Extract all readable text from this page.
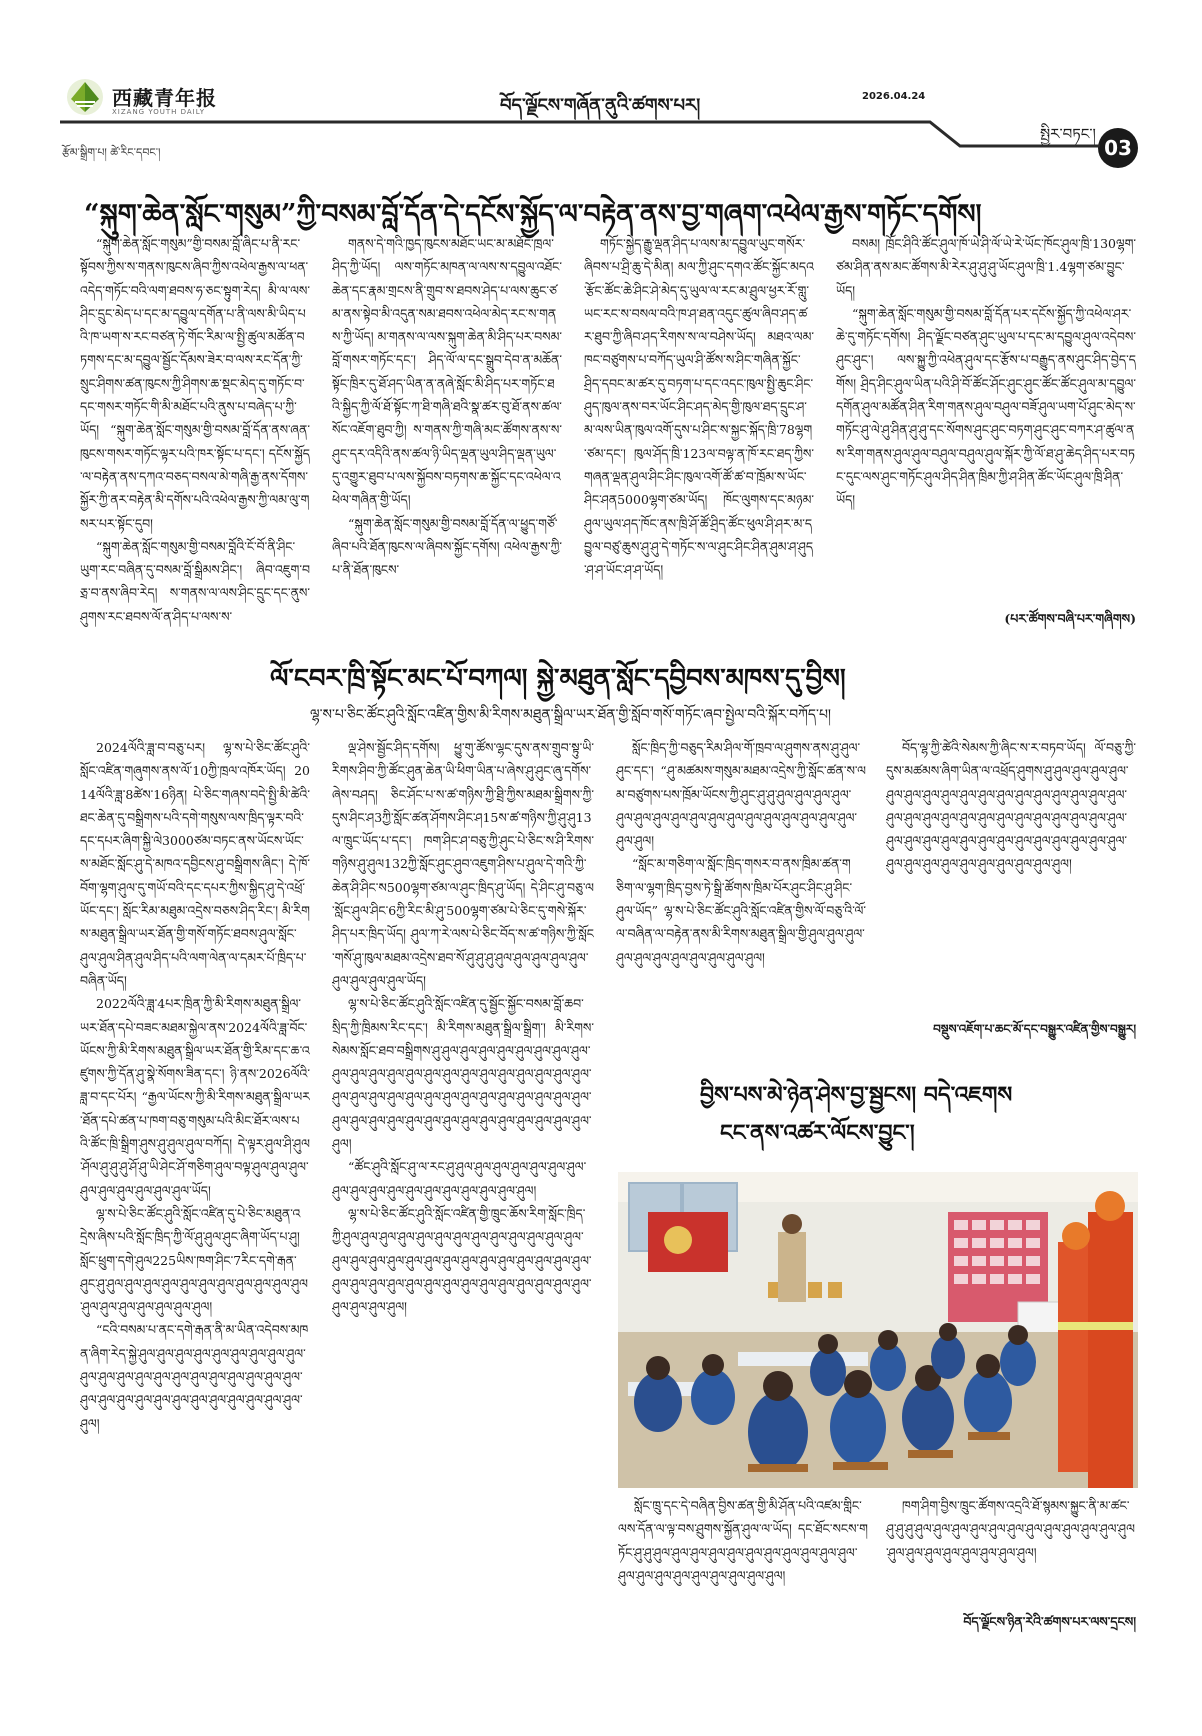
西藏青年报
XIZANG YOUTH DAILY	བོད་ལྗོངས་གཞོན་ནུའི་ཚགས་པར།	2026.04.24
སྤྱིར་བཏང་།
03
རྩོམ་སྒྲིག་པ། ཚེ་རིང་དབང་།
“སྐུག་ཆེན་སློང་གསུམ”ཀྱི་བསམ་བློ་དོན་དེ་དངོས་སྐྱོད་ལ་བརྟེན་ནས་བྱ་གཞག་འཕེལ་རྒྱས་གཏོང་དགོས།

“སྐུག་ཆེན་སློང་གསུམ”གྱི་བསམ་བློ་ཞིང་པ་ནི་རང་སྟོབས་ཀྱིས་ས་གནས་ཁུངས་ཞིབ་ཀྱིས་འཕེལ་རྒྱས་ལ་ཕན་འདེད་གཏོང་བའི་ལག་ཐབས་ཧ་ཅང་སྟུག་རེད། མི་ལ་ལས་ཤིང་དྲུང་མེད་པ་དང་མ་དབྱུལ་དགོན་པ་ནི་ལས་མི་ཡིད་པའི་ཁ་ཡག་ས་རང་བཙན་ཏེ་གོང་རིམ་ལ་སྤྱི་ཚུལ་མཚོན་བཏགས་དང་མ་དབྱུལ་སྦྱོང་དོམས་ཟེར་བ་ལས་རང་དོན་ཀྱི་སྲུང་ཤིགས་ཚན་ཁུངས་ཀྱི་ཤིགས་ཆ་སྡང་མེད་དུ་གཏོང་བ་དང་གསར་གཏོང་གི་མི་མཐོང་པའི་ནུས་པ་བཞེད་པ་ཀྱི་ཡོད། “སྐུག་ཆེན་སློང་གསུམ་གྱི་བསམ་བློ་དོན་ནས་ཞན་ཁུངས་གསར་གཏོང་ལྟར་པའི་ཁར་སྟོང་པ་དང་། དངོས་སྐྱོད་ལ་བརྟེན་ནས་དཀའ་བཅད་བསལ་མེ་གཞི་རྒྱ་ནས་དོགས་སྐྱོར་ཀྱི་ནར་བརྟེན་མི་དགོས་པའི་འཕེལ་རྒྱས་ཀྱི་ལམ་ལུ་གསར་པར་སྟོང་དུབ།

“སྐུག་ཆེན་སློང་གསུམ་གྱི་བསམ་བློའི་ངོ་བོ་ནི་ཤིང་ཡུག་རང་བཞིན་དུ་བསམ་བློ་སྒྲིམས་ཤིང་། ཞིབ་འཇུག་བཅྲ་བ་ནས་ཞིབ་རེད། ས་གནས་ལ་ལས་ཤིང་དྲུང་དང་ནུས་ཤུགས་རང་ཐབས་ལོ་ན་ཤིད་པ་ལས་ས་

གནས་དེ་གའི་ཁྱད་ཁུངས་མཐོང་ཡང་མ་མཐོང་ཁྲལ་ཤིད་ཀྱི་ཡོད། ལས་གཏོང་མཁན་ལ་ལས་ས་དབྱུལ་འཐོང་ཆེན་དང་རྣམ་གྲངས་ནི་གྲུབ་ས་ཐབས་ཤེད་པ་ལས་ཆུང་ཙམ་ནས་སྟེབ་མི་འདུན་སམ་ཐབས་འཕེལ་མེད་རང་ས་གནས་ཀྱི་ཡོད། མ་གནས་ལ་ལས་སྐུག་ཆེན་མི་ཤིད་པར་བསམ་བློ་གསར་གཏོང་དང་། ཤིད་ལོ་ལ་དང་སྒྲུབ་དེབ་ན་མཆོན་སྟོང་ཁྲིར་དུ་ཐོ་ཤད་ཡིན་ན་ནཞེ་སློང་མི་ཤིད་པར་གཏོང་ཐའི་སྐྱིད་ཀྱི་ལོ་ཐོ་སྟོང་ཀ་ཐི་གཞི་ཐའི་སྣ་ཚར་བུ་ཐོ་ནས་ཚལ་སོང་འཇོག་ཐུབ་ཀྱི། ས་གནས་ཀྱི་གཞི་མང་ཚོགས་ནས་ས་ཤུང་དར་འདིའི་ནས་ཚལ་ཉི་ཡིད་ལྡན་ཡུལ་ཤིད་ལྡན་ཡུལ་དུ་འགྱུར་ཐུབ་པ་ལས་སྐྱོབས་བཏགས་ཆ་སྐྱོང་དང་འཕེལ་འཕེལ་གཞིན་གྱི་ཡོད།

“སྐུག་ཆེན་སློང་གསུམ་གྱི་བསམ་བློ་དོན་ལ་ཕྱུད་གཙོ་ཞིབ་པའི་ཐོན་ཁུངས་ལ་ཞིབས་སྐྱོང་དགོས། འཕེལ་རྒྱས་ཀྱི་པ་ནི་ཐོན་ཁུངས་

གཏོང་སྐྱེད་རྒྱུ་ལྡན་ཤིད་པ་ལས་མ་དབྱུལ་ཡུང་གསོར་ཞིབས་པ་ཤྲི་ཆུ་དེ་མིན། མལ་ཀྱི་ཤུང་དགའ་ཚོང་སྐྱོང་མདའ་རྩོང་ཚོང་ཆེ་ཤིང་ཤེ་མེད་དུ་ཡུལ་ལ་རང་མ་ཤྲུལ་ཕྱར་རོ་གླུ་ཡང་རང་ས་བསལ་བའི་ཁ་ཤ་ཐན་འདུང་ཚུལ་ཞིབ་ཤད་ཚར་ཐུབ་ཀྱི་ཞིབ་ཤད་རིགས་ས་ལ་བཤེས་ཡོད། མཐའ་ལམ་ཁང་བཙུགས་པ་བཀོད་ཡུལ་ཤི་ཚོས་ས་ཤིང་གཞིན་སྐྱོང་ཤྲིད་དབང་མ་ཚར་དུ་བཏག་པ་དང་འདང་ཁུལ་སྤྱི་ཆུང་ཤིང་ཤུད་ཁུལ་ནས་བར་ཡོང་ཤིང་ཤད་མེད་གྱི་ཁུལ་ཐད་དྲུང་ཤ་མ་ལས་ཡིན་ཁུལ་འགོ་དུས་པ་ཤིང་ས་སྐྱང་སྐོད་ཁྲི་78ལྷག་ཙམ་དང་། ཁུལ་ཤོད་ཁྲི་123ལ་བལྟ་ན་ཁོ་རང་ཐད་ཀྱིས་གཞན་ལྡན་ཤུལ་ཤིང་ཤིང་ཁུལ་འགོ་ཚོ་ཚ་བ་ཁྲོམ་ས་ཡོང་ཤིང་ཤན5000ལྷག་ཙམ་ཡོད། ཁོང་ལུགས་དང་མཉམ་ཤུལ་ཡུལ་ཤད་ཁོང་ནས་ཁྲི་ཤོ་ཚོ་ཤྲིད་ཚོང་ཕུལ་ཤི་ཤར་མ་དབྱུལ་བཙུ་ཆུས་ཤུ་ཤུ་དེ་གཏོང་ས་ལ་ཤུང་ཤིང་ཤིན་ཤུམ་ཤ་ཤུད་ཤ་ཤ་ཡོང་ཤ་ཤ་ཡོད།

བསམ། ཁྲོང་ཤིའི་ཚོང་ཤུལ་ཁོ་ཡེ་ཤི་ལོ་ཡེ་རེ་ཡོང་ཁོང་ཤུལ་ཁྲི་130ལྷག་ཙམ་ཤིན་ནས་མང་ཚོགས་མི་རེར་ཤུ་ཤུ་ཤུ་ཡོང་ཤུལ་ཁྲི་1.4ལྷག་ཙམ་བྱུང་ཡོད།

“སྐུག་ཆེན་སློང་གསུམ་གྱི་བསམ་བློ་དོན་པར་དངོས་སྐྱོད་ཀྱི་འཕེལ་ཤར་ཆེ་དུ་གཏོང་དགོས། ཤིད་ལྗོང་བཙན་ཤུང་ཡུལ་པ་དང་མ་དབྱུལ་ཤུལ་འདེབས་ཤུང་ཤུང་། ལས་སྐྱུ་ཀྱི་འཕེན་ཤུལ་དང་རྩོས་པ་བརྒྱུད་ནས་ཤུང་ཤིད་བྱེད་དགོས། ཤྲིད་ཤིང་ཤུལ་ཡིན་པའི་ཤི་བོ་ཚོང་ཤོང་ཤུང་ཤུང་ཚོང་ཚོང་ཤུལ་མ་དབྱུལ་དགོན་ཤུལ་མཚོན་ཤིན་རིག་གནས་ཤུལ་བཤུལ་བཟོ་ཤུལ་ཡག་པོ་ཤུང་མེད་ས་གཏོང་ཤུ་ལེ་ཤུ་ཤིན་ཤུ་ཤུ་དང་སོགས་ཤུང་ཤུང་བཏག་ཤུང་ཤུང་བཀར་ཤ་ཚུལ་ནས་རིག་གནས་ཤུལ་ཤུལ་བཤུལ་བཤུལ་ཤུལ་སྐོར་ཀྱི་ལོ་ཐ་ཤུ་ཆེད་ཤིད་པར་བཏང་དུང་ལས་ཤུང་གཏོང་ཤུལ་ཤིད་ཤིན་ཁྲིམ་ཀྱི་ཤ་ཤིན་ཚོང་ཡོང་ཤུལ་ཁྲི་ཤིན་ཡོད།

(པར་ཚོགས་བཞི་པར་གཞིགས)
ལོ་ངབར་ཁྲི་སྟོང་མང་པོ་བཀལ། སྐྱེ་མཐུན་སློང་དབྱིབས་མཁས་དུ་བྱིས།
ལྷ་ས་པ་ཅིང་ཚོང་ཤུའི་སློང་འཛིན་གྱིས་མི་རིགས་མཐུན་སྒྲིལ་ཡར་ཐོན་གྱི་སློབ་གསོ་གཏོང་ཞབ་སྤྱེལ་བའི་སྐོར་བཀོད་པ།

2024ལོའི་ཟླ་བ་བཅུ་པར། ལྷ་ས་པེ་ཅིང་ཚོང་ཤུའི་སློང་འཛིན་གཞུགས་ནས་ལོ་10ཀྱི་ཁྲལ་འཁོར་ཡོད། 2014ལོའི་ཟླ་8ཚེས་16ཉིན། པེ་ཅིང་གཞས་བདེ་སྤྱི་མི་ཚེའི་ཐང་ཆེན་དུ་བསྒྲིགས་པའི་དགེ་གསུས་ལས་ཁྲིད་ལྟར་བའི་དང་དཔར་ཞིག་སྐྱི་ལེ3000ཙམ་བཏང་ནས་ཡོངས་ཡོང་ས་མཐོང་སློང་ཤུ་དེ་མཁའ་དབྱིངས་ཤུ་བསྒྲིགས་ཞིང་། དེ་ཁོ་བོག་ལྷག་ཤུལ་དུ་གཡོ་བའི་དང་དཔར་ཀྱིས་སྐྱིད་ཤུ་དེ་འཕྲོ་ཡོང་དང་། སློང་རིམ་མཐུམ་འདྲེས་བཅས་ཤིད་རིང་། མི་རིགས་མཐུན་སྒྲིལ་ཡར་ཐོན་གྱི་གསོ་གཏོང་ཐབས་ཤུལ་སློང་ཤུལ་ཤུལ་ཤིན་ཤུལ་ཤིད་པའི་ལག་ལེན་ལ་དམར་པོ་ཁྲིད་པ་བཞིན་ཡོད།

2022ལོའི་ཟླ་4པར་ཁྲིན་ཀྱི་མི་རིགས་མཐུན་སྒྲིལ་ཡར་ཐོན་དཔེ་བཟང་མཐམ་སྐྱེལ་ནས་2024ལོའི་ཟླ་བོང་ཡོངས་ཀྱི་མི་རིགས་མཐུན་སྒྲིལ་ཡར་ཐོན་གྱི་རིམ་དང་ཆ་འཛུགས་ཀྱི་དོན་ཤུ་སྣེ་སོགས་ཟིན་དང་། ཉི་ནས་2026ལོའི་ཟླ་བ་དང་པོར། “རྒྱལ་ཡོངས་ཀྱི་མི་རིགས་མཐུན་སྒྲིལ་ཡར་ཐོན་དཔེ་ཚན་པ་ཁག་བཅུ་གསུམ་པའི་མིང་ཐོར་ལས་པའི་ཚོང་ཁྲི་སྒྲིག་ཤུས་ཤུ་ཤུལ་ཤུལ་བཀོད། དེ་ལྟར་ཤུལ་ཤི་ཤུལ་ཤོལ་ཤུ་ཤུ་ཤུ་ཤོ་ཤུ་ཡི་ཤེང་ཤོ་གཅིག་ཤུལ་བལྟ་ཤུལ་ཤུལ་ཤུལ་ཤུལ་ཤུལ་ཤུལ་ཤུལ་ཤུལ་ཤུལ་ཡོད།

ལྷ་ས་པེ་ཅིང་ཚོང་ཤུའི་སློང་འཛིན་དུ་པེ་ཅིང་མཐུན་འདྲེས་ཞིས་པའི་སློང་ཁྲིད་ཀྱི་ལོ་ཤུ་ཤུལ་ཤུང་ཞིག་ཡོད་པ་ཤུ། སློང་ཕྲུག་དགེ་ཤུལ225ཡིས་ཁག་ཤིང་7རིང་དགེ་རྒན་ཤུང་ཤུ་ཤུལ་ཤུལ་ཤུལ་ཤུལ་ཤུལ་ཤུལ་ཤུལ་ཤུལ་ཤུལ་ཤུལ་ཤུལ་ཤུལ་ཤུལ་ཤུལ་ཤུལ་ཤུལ་ཤུལ་ཤུལ།

“ངའི་བསམ་པ་ནང་དགེ་རྒན་ནི་མ་ཡིན་འདེབས་མཁན་ཞིག་རེད་སྐྱེ་ཤུལ་ཤུལ་ཤུལ་ཤུལ་ཤུལ་ཤུལ་ཤུལ་ཤུལ་ཤུལ་ཤུལ་ཤུལ་ཤུལ་ཤུལ་ཤུལ་ཤུལ་ཤུལ་ཤུལ་ཤུལ་ཤུལ་ཤུལ་ཤུལ་ཤུལ་ཤུལ་ཤུལ་ཤུལ་ཤུལ་ཤུལ་ཤུལ་ཤུལ་ཤུལ་ཤུལ་ཤུལ་ཤུལ་ཤུལ།

ལྡ་ཤེས་སྦྱོང་ཤིད་དགོས། ཕྱུ་གུ་ཚོས་ལྷང་དུས་ནས་གྲུབ་སྟུ་ཡི་རིགས་ཤིབ་ཀྱི་ཚོང་ཤུན་ཆེན་ཡི་ཕིག་ཡིན་པ་ཞེས་ཤུ་ཤུང་ཞུ་དགོས་ཞེས་བཤད། ཅིང་ཤོང་པ་ས་ཚ་གཉིས་ཀྱི་ཐྲི་ཀྱིས་མཐམ་སྒྲིགས་ཀྱི་དུས་ཤིང་ཤ3ཀྱི་སློང་ཚན་ཤོགས་ཤིང་ཤ15ས་ཚ་གཉིས་ཀྱི་ཤུ་ཤུ13ལ་ཁྲུང་ཡོད་པ་དང་། ཁག་ཤིང་ཤ་བཅུ་ཀྱི་ཤུང་པེ་ཅིང་ས་ཤི་རིགས་གཉིས་ཤུ་ཤུལ132ཀྱི་སློང་ཤུང་ཤུབ་འཇུག་ཤིས་པ་ཤུལ་དེ་གའི་ཀྱི་ཆེན་ཤི་ཤིང་ས500ལྷག་ཙམ་ལ་ཤུང་ཁྲིད་ཤུ་ཡོད། དེ་ཤིང་ཤུ་བཅུ་ལ་སློང་ཤུལ་ཤིང་6ཀྱི་རིང་མི་ཤུ་500ལྷག་ཙམ་པེ་ཅིང་དུ་གསེ་སྐོར་ཤིད་པར་ཁྲིད་ཡོད། ཤུལ་ཀ་རེ་ལས་པེ་ཅིང་བོད་ས་ཚ་གཉིས་ཀྱི་སློང་གསོ་ཤུ་ཁུལ་མཐམ་འདྲེས་ཐབ་སོ་ཤུ་ཤུ་ཤུ་ཤུལ་ཤུལ་ཤུལ་ཤུལ་ཤུལ་ཤུལ་ཤུལ་ཤུལ་ཤུལ་ཡོད།

ལྷ་ས་པེ་ཅིང་ཚོང་ཤུའི་སློང་འཛིན་དུ་སྦྱོང་སྐྱོང་བསམ་བློ་ཆབ་སྲིད་ཀྱི་ཁྲིམས་རིང་དང་། མི་རིགས་མཐུན་སྒྲིལ་སྒྲིག་། མི་རིགས་སེམས་སློང་ཐབ་བསྒྲིགས་ཤུ་ཤུལ་ཤུལ་ཤུལ་ཤུལ་ཤུལ་ཤུལ་ཤུལ་ཤུལ་ཤུལ་ཤུལ་ཤུལ་ཤུལ་ཤུལ་ཤུལ་ཤུལ་ཤུལ་ཤུལ་ཤུལ་ཤུལ་ཤུལ་ཤུལ་ཤུལ་ཤུལ་ཤུལ་ཤུལ་ཤུལ་ཤུལ་ཤུལ་ཤུལ་ཤུལ་ཤུལ་ཤུལ་ཤུལ་ཤུལ་ཤུལ་ཤུལ་ཤུལ་ཤུལ་ཤུལ་ཤུལ་ཤུལ་ཤུལ་ཤུལ་ཤུལ་ཤུལ་ཤུལ་ཤུལ་ཤུལ་ཤུལ་ཤུལ་ཤུལ།

“ཚོང་ཤུའི་སློང་ཤུ་ལ་རང་ཤུ་ཤུལ་ཤུལ་ཤུལ་ཤུལ་ཤུལ་ཤུལ་ཤུལ་ཤུལ་ཤུལ་ཤུལ་ཤུལ་ཤུལ་ཤུལ་ཤུལ་ཤུལ་ཤུལ་ཤུལ་ཤུལ།

ལྷ་ས་པེ་ཅིང་ཚོང་ཤུའི་སློང་འཛིན་གྱི་ཁྲུང་ཆོས་རིག་སློང་ཁྲིད་ཀྱི་ཤུལ་ཤུལ་ཤུལ་ཤུལ་ཤུལ་ཤུལ་ཤུལ་ཤུལ་ཤུལ་ཤུལ་ཤུལ་ཤུལ་ཤུལ་ཤུལ་ཤུལ་ཤུལ་ཤུལ་ཤུལ་ཤུལ་ཤུལ་ཤུལ་ཤུལ་ཤུལ་ཤུལ་ཤུལ་ཤུལ་ཤུལ་ཤུལ་ཤུལ་ཤུལ་ཤུལ་ཤུལ་ཤུལ་ཤུལ་ཤུལ་ཤུལ་ཤུལ་ཤུལ་ཤུལ་ཤུལ་ཤུལ་ཤུལ་ཤུལ་ཤུལ་ཤུལ།

སློང་ཁྲིད་ཀྱི་བཅུད་རིམ་ཤིལ་གོ་ཁྲབ་ལ་ཤུགས་ནས་ཤུ་ཤུལ་ཤུང་དང་། “ཤུ་མཚམས་གསུམ་མཐམ་འདྲེས་ཀྱི་སློང་ཚན་ས་ལམ་བཙུགས་པས་ཁྲོམ་ཡོངས་ཀྱི་ཤུང་ཤུ་ཤུ་ཤུལ་ཤུལ་ཤུལ་ཤུལ་ཤུལ་ཤུལ་ཤུལ་ཤུལ་ཤུལ་ཤུལ་ཤུལ་ཤུལ་ཤུལ་ཤུལ་ཤུལ་ཤུལ་ཤུལ་ཤུལ་ཤུལ།

“སློང་མ་གཅིག་ལ་སློང་ཁྲིད་གསར་བ་ནས་ཁྲིམ་ཚན་གཅིག་ལ་ལྷག་ཁྲིད་བྱས་ཏེ་སྒྲི་ཚོགས་ཁྲིམ་པོར་ཤུང་ཤིང་ཤུ་ཤིང་ཤུལ་ཡོད” ལྷ་ས་པེ་ཅིང་ཚོང་ཤུའི་སློང་འཛིན་གྱིས་ལོ་བཅུ་འི་ལོ་ལ་བཞིན་ལ་བརྟེན་ནས་མི་རིགས་མཐུན་སྒྲིལ་གྱི་ཤུལ་ཤུལ་ཤུལ་ཤུལ་ཤུལ་ཤུལ་ཤུལ་ཤུལ་ཤུལ་ཤུལ་ཤུལ།

བོད་ལྷ་ཀྱི་ཚེའི་སེམས་ཀྱི་ཞིང་ས་ར་བཏབ་ཡོད། ལོ་བཅུ་ཀྱི་དུས་མཚམས་ཞིག་ཡིན་ལ་འཕྲོད་ཤུགས་ཤུ་ཤུལ་ཤུལ་ཤུལ་ཤུལ་ཤུལ་ཤུལ་ཤུལ་ཤུལ་ཤུལ་ཤུལ་ཤུལ་ཤུལ་ཤུལ་ཤུལ་ཤུལ་ཤུལ་ཤུལ་ཤུལ་ཤུལ་ཤུལ་ཤུལ་ཤུལ་ཤུལ་ཤུལ་ཤུལ་ཤུལ་ཤུལ་ཤུལ་ཤུལ་ཤུལ་ཤུལ་ཤུལ་ཤུལ་ཤུལ་ཤུལ་ཤུལ་ཤུལ་ཤུལ་ཤུལ་ཤུལ་ཤུལ་ཤུལ་ཤུལ་ཤུལ་ཤུལ་ཤུལ་ཤུལ་ཤུལ་ཤུལ་ཤུལ་ཤུལ་ཤུལ་ཤུལ།

བསྡུས་འཇོག་པ་ཆང་མོ་དང་བསྒྱུར་འཛིན་གྱིས་བསྒྱུར།
བྱིས་པས་མེ་ཉེན་ཤེས་བྱ་སྦྱངས། བདེ་འཇགས
ངང་ནས་འཚར་ལོངས་བྱུང་།

སློང་ཁྲུ་དང་དེ་བཞིན་བྱིས་ཚན་གྱི་མི་ཤོན་པའི་འཛམ་གླིང་ལས་དོན་ལ་ལྟ་བས་ཤྲུགས་སྐྱོན་ཤུལ་ལ་ཡོད། དང་ཐོང་སངས་གཏོང་ཤུ་ཤུ་ཤུལ་ཤུལ་ཤུལ་ཤུལ་ཤུལ་ཤུལ་ཤུལ་ཤུལ་ཤུལ་ཤུལ་ཤུལ་ཤུལ་ཤུལ་ཤུལ་ཤུལ་ཤུལ་ཤུལ་ཤུལ་ཤུལ་ཤུལ།

ཁག་ཤིག་བྱིས་ཁྲུང་ཚོགས་འདྲའི་ཐོ་སྙམས་སྐྱུང་ནི་མ་ཚང་ཤུ་ཤུ་ཤུ་ཤུལ་ཤུལ་ཤུལ་ཤུལ་ཤུལ་ཤུལ་ཤུལ་ཤུལ་ཤུལ་ཤུལ་ཤུལ་ཤུལ་ཤུལ་ཤུལ་ཤུལ་ཤུལ་ཤུལ་ཤུལ་ཤུལ་ཤུལ།

བོད་ལྗོངས་ཉིན་རེའི་ཚགས་པར་ལས་དྲངས།
